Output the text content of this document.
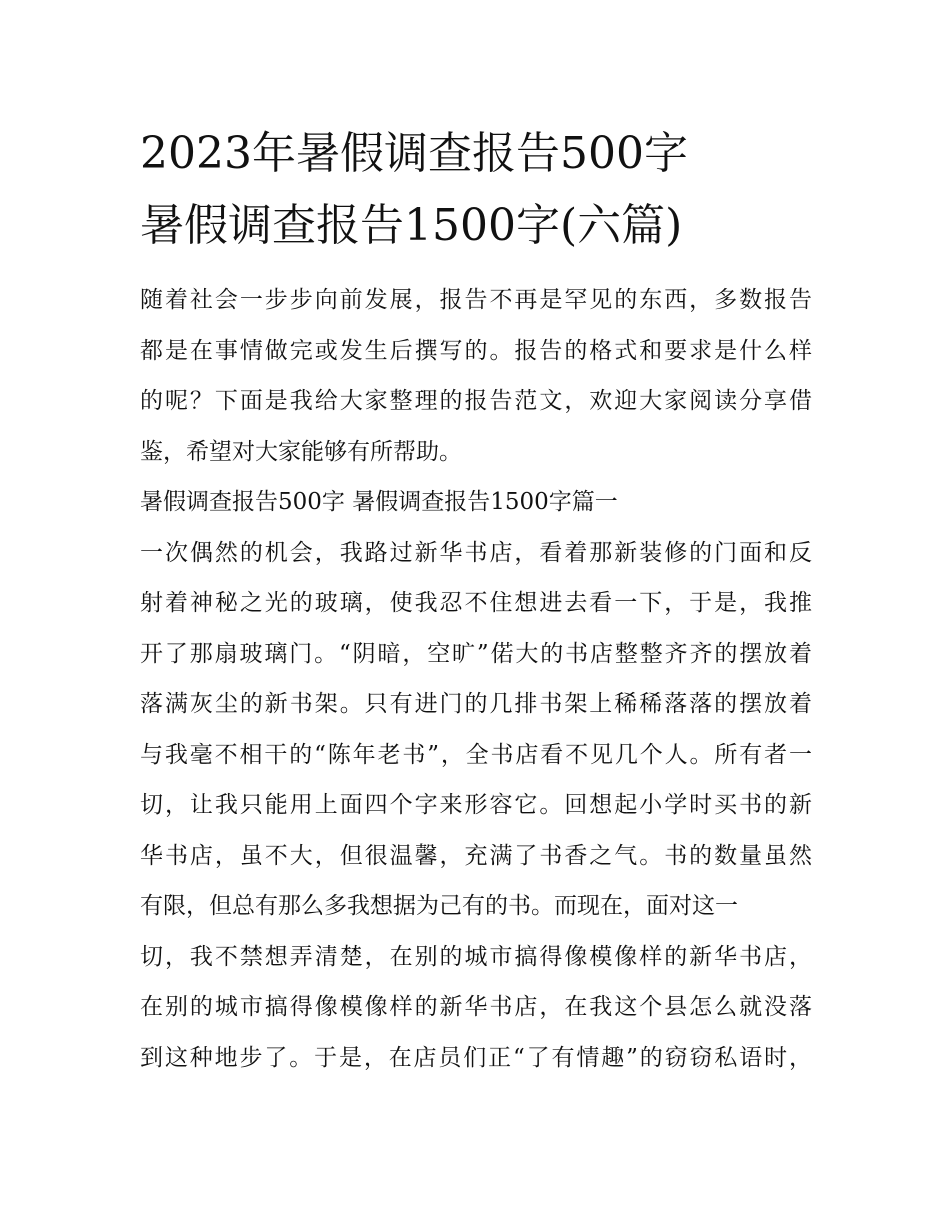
2023年暑假调查报告500字
暑假调查报告1500字(六篇)
随着社会一步步向前发展，报告不再是罕见的东西，多数报告
都是在事情做完或发生后撰写的。报告的格式和要求是什么样
的呢？下面是我给大家整理的报告范文，欢迎大家阅读分享借
鉴，希望对大家能够有所帮助。
暑假调查报告500字 暑假调查报告1500字篇一
一次偶然的机会，我路过新华书店，看着那新装修的门面和反
射着神秘之光的玻璃，使我忍不住想进去看一下，于是，我推
开了那扇玻璃门。“阴暗，空旷”偌大的书店整整齐齐的摆放着
落满灰尘的新书架。只有进门的几排书架上稀稀落落的摆放着
与我毫不相干的“陈年老书”，全书店看不见几个人。所有者一
切，让我只能用上面四个字来形容它。回想起小学时买书的新
华书店，虽不大，但很温馨，充满了书香之气。书的数量虽然
有限，但总有那么多我想据为己有的书。而现在，面对这一
切，我不禁想弄清楚，在别的城市搞得像模像样的新华书店，
在别的城市搞得像模像样的新华书店，在我这个县怎么就没落
到这种地步了。于是，在店员们正“了有情趣”的窃窃私语时，
